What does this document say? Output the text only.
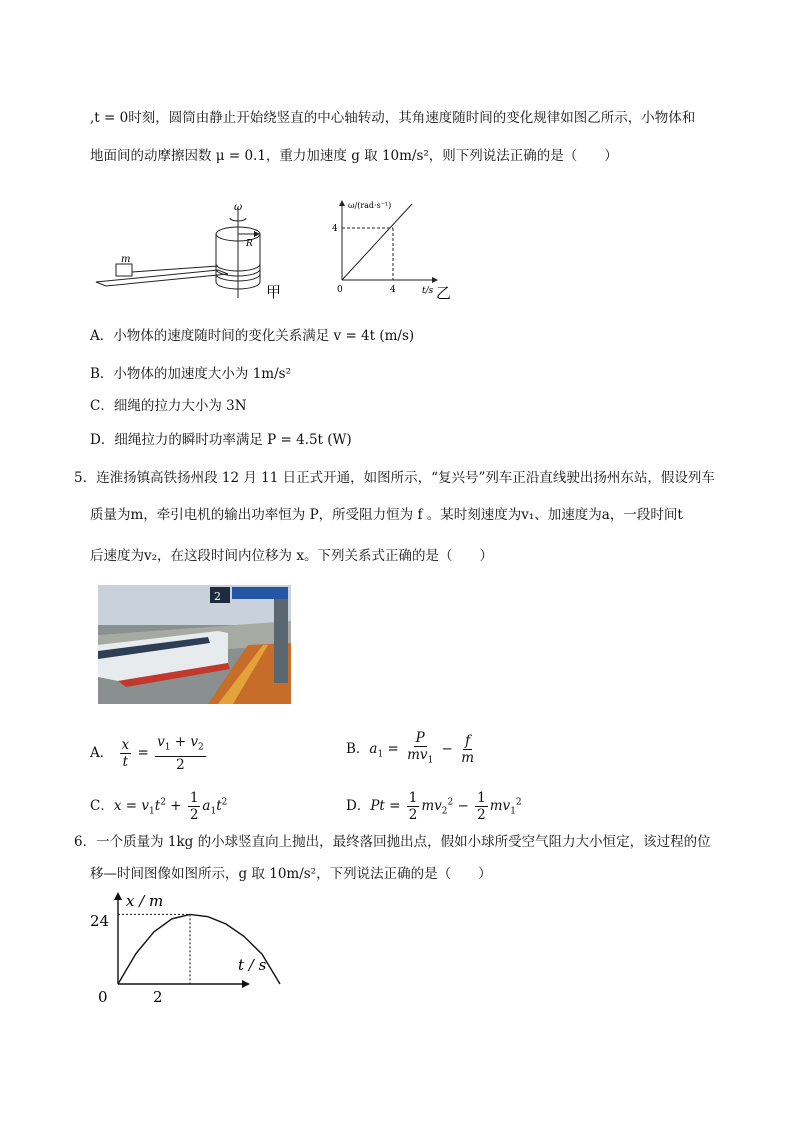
,t = 0时刻，圆筒由静止开始绕竖直的中心轴转动，其角速度随时间的变化规律如图乙所示，小物体和
地面间的动摩擦因数 μ = 0.1，重力加速度 g 取 10m/s²，则下列说法正确的是（　　）
m
R
ω
甲
ω/(rad·s⁻¹)
4
4
0	t/s 乙
A．小物体的速度随时间的变化关系满足 v = 4t (m/s)
B．小物体的加速度大小为 1m/s²
C．细绳的拉力大小为 3N
D．细绳拉力的瞬时功率满足 P = 4.5t (W)
5．连淮扬镇高铁扬州段 12 月 11 日正式开通，如图所示，“复兴号”列车正沿直线驶出扬州东站，假设列车
质量为m，牵引电机的输出功率恒为 P，所受阻力恒为 f 。某时刻速度为v₁、加速度为a，一段时间t
后速度为v₂，在这段时间内位移为 x。下列关系式正确的是（　　）
2
A． $\frac{x}{t} = \frac{v_1 + v_2}{2}$	B．$a_1 = \frac{P}{mv_1} - \frac{f}{m}$
C．$x = v_1t^2 + \frac{1}{2} a_1t^2$	D．$Pt = \frac{1}{2} mv_2^2 - \frac{1}{2} mv_1^2$
6．一个质量为 1kg 的小球竖直向上抛出，最终落回抛出点，假如小球所受空气阻力大小恒定，该过程的位
移—时间图像如图所示，g 取 10m/s²，下列说法正确的是（　　）
x / m
t / s
24
0	2
